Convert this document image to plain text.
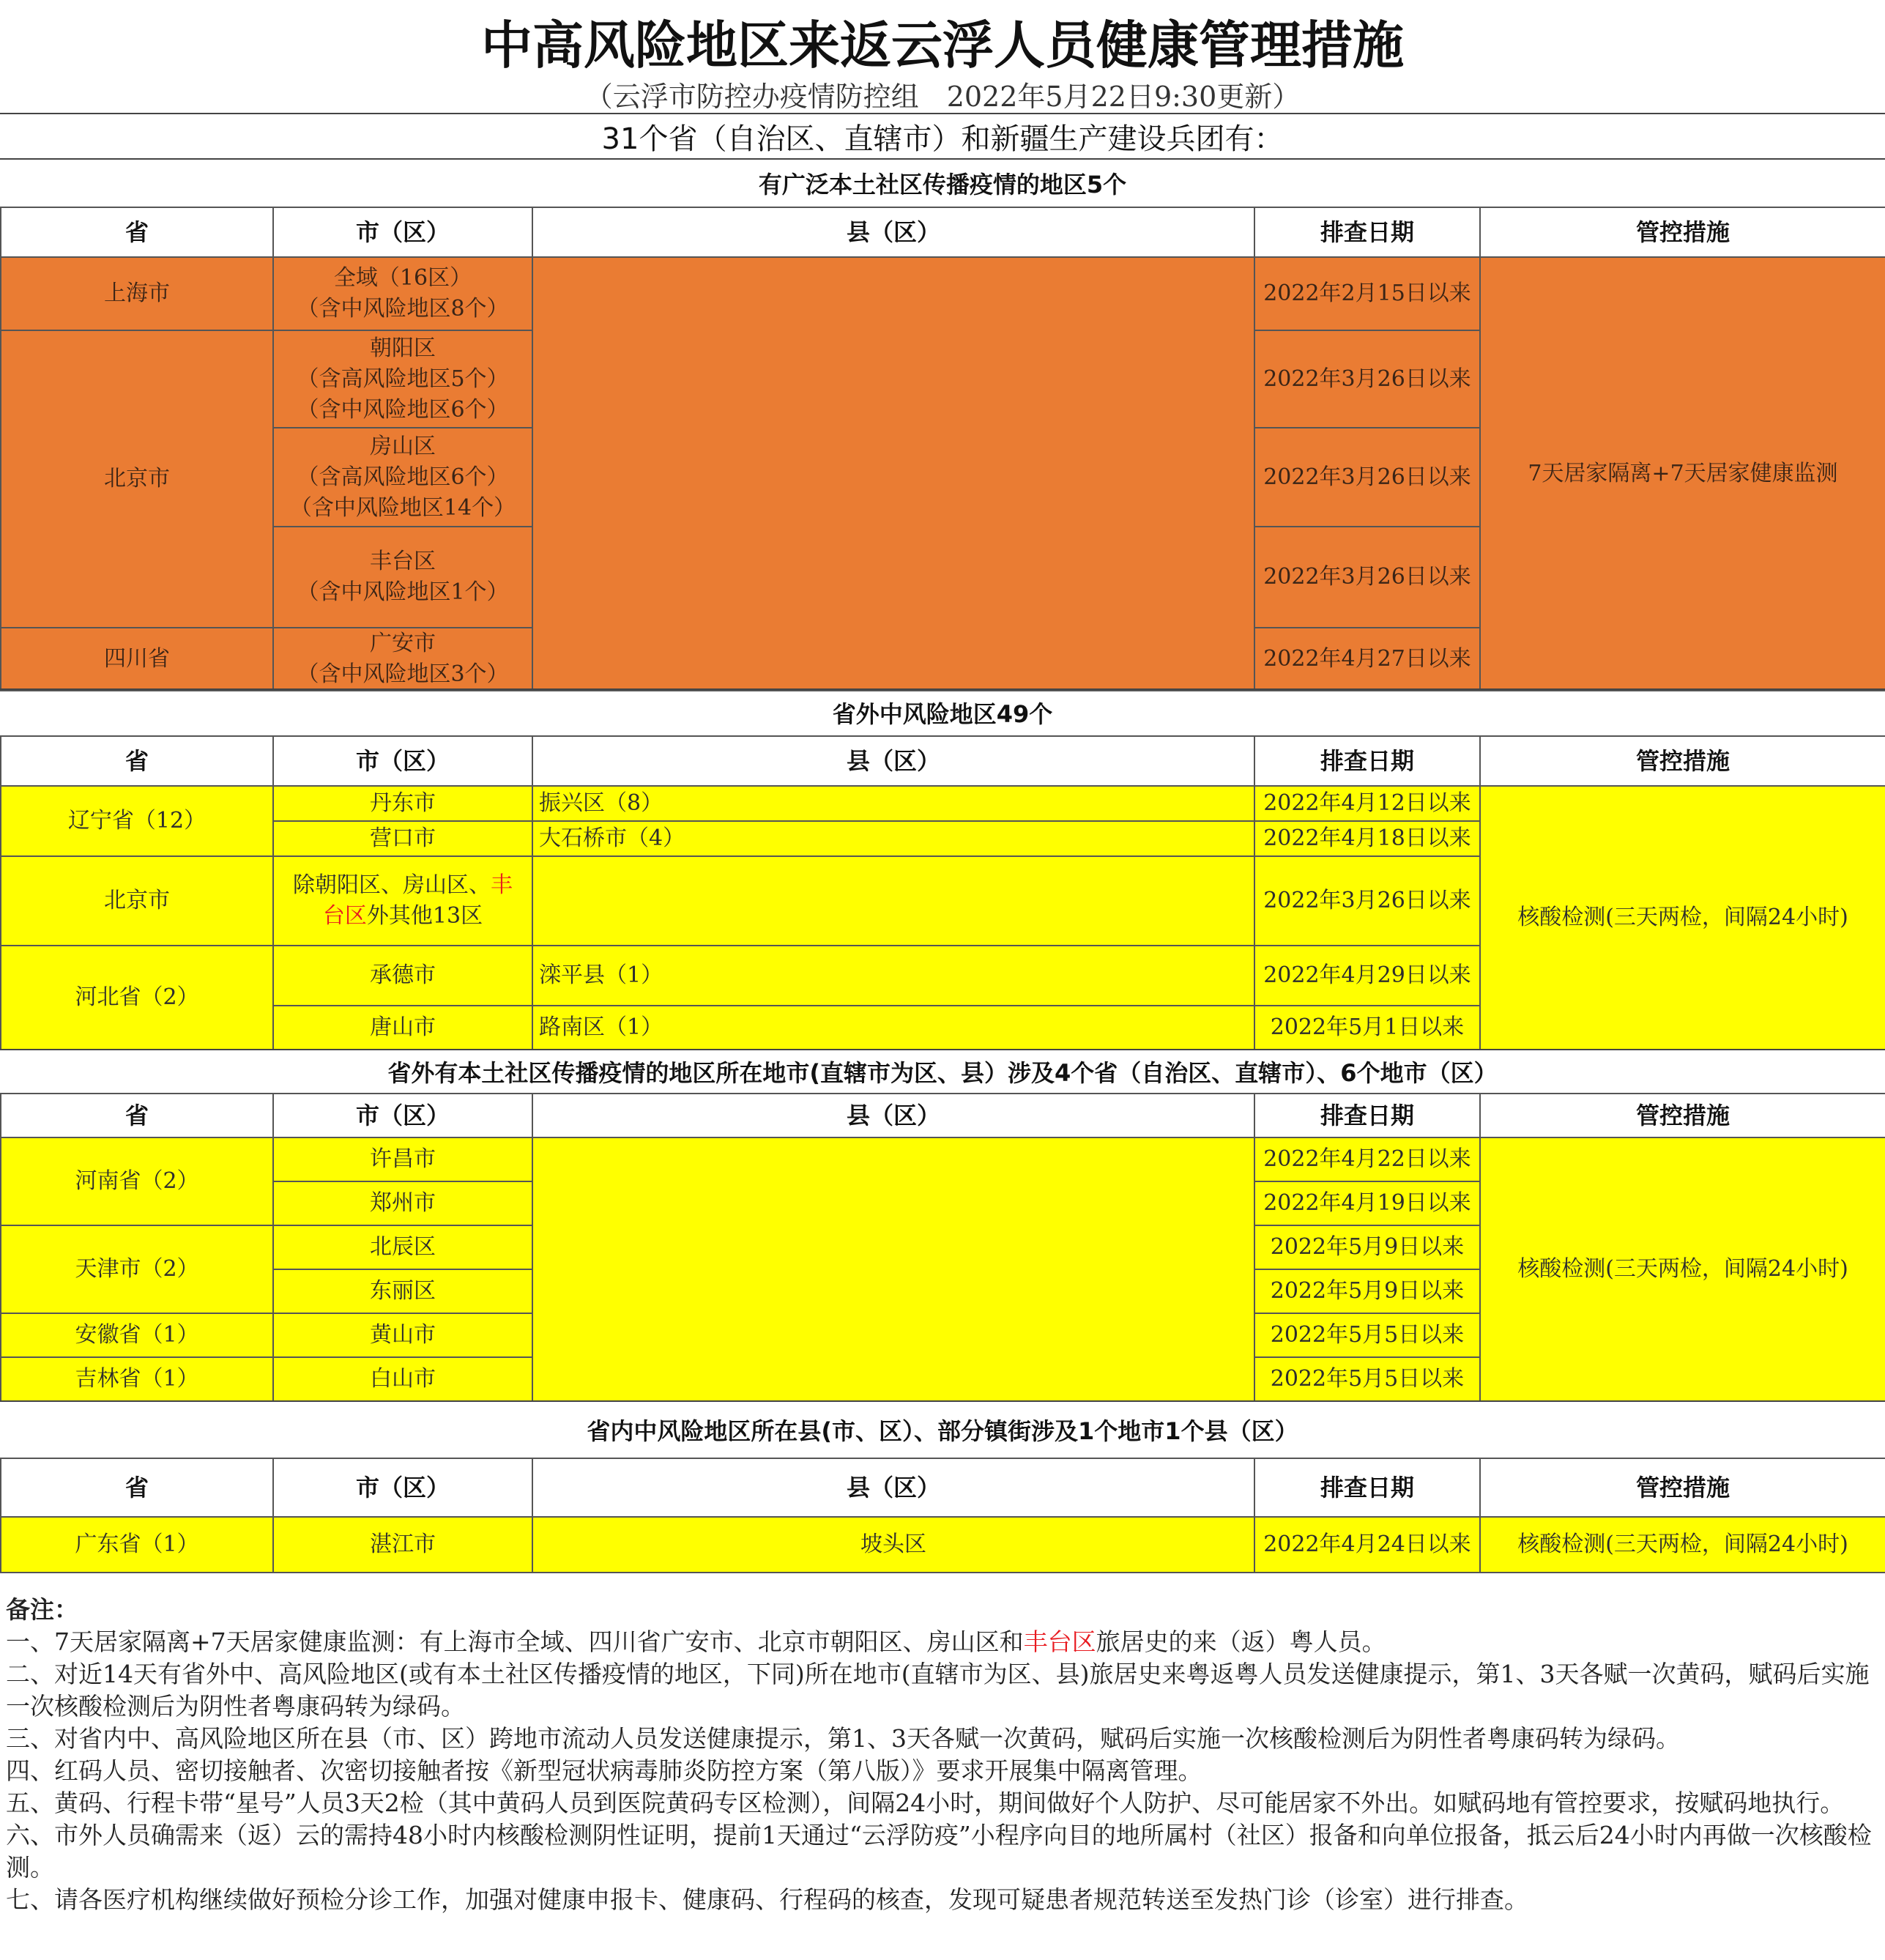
中高风险地区来返云浮人员健康管理措施
（云浮市防控办疫情防控组　2022年5月22日9:30更新）
31个省（自治区、直辖市）和新疆生产建设兵团有：
有广泛本土社区传播疫情的地区5个
省	市（区）	县（区）	排查日期	管控措施
上海市	全域（16区）
（含中风险地区8个）		2022年2月15日以来	7天居家隔离+7天居家健康监测
北京市	朝阳区
（含高风险地区5个）
（含中风险地区6个）		2022年3月26日以来	

	房山区
（含高风险地区6个）
（含中风险地区14个）		2022年3月26日以来	

	丰台区
（含中风险地区1个）		2022年3月26日以来	
四川省	广安市
（含中风险地区3个）		2022年4月27日以来	
省外中风险地区49个
省	市（区）	县（区）	排查日期	管控措施
辽宁省（12）	丹东市	振兴区（8）	2022年4月12日以来	核酸检测(三天两检，间隔24小时)
	营口市	大石桥市（4）	2022年4月18日以来	
北京市	除朝阳区、房山区、丰
台区外其他13区		2022年3月26日以来	
河北省（2）	承德市	滦平县（1）	2022年4月29日以来	
	唐山市	路南区（1）	2022年5月1日以来	
省外有本土社区传播疫情的地区所在地市(直辖市为区、县）涉及4个省（自治区、直辖市）、6个地市（区）
省	市（区）	县（区）	排查日期	管控措施
河南省（2）	许昌市		2022年4月22日以来	核酸检测(三天两检，间隔24小时)
	郑州市		2022年4月19日以来	
天津市（2）	北辰区		2022年5月9日以来	
	东丽区		2022年5月9日以来	
安徽省（1）	黄山市		2022年5月5日以来	
吉林省（1）	白山市		2022年5月5日以来	
省内中风险地区所在县(市、区）、部分镇街涉及1个地市1个县（区）
省	市（区）	县（区）	排查日期	管控措施
广东省（1）	湛江市	坡头区	2022年4月24日以来	核酸检测(三天两检，间隔24小时)
备注：
一、7天居家隔离+7天居家健康监测：有上海市全域、四川省广安市、北京市朝阳区、房山区和丰台区旅居史的来（返）粤人员。
二、对近14天有省外中、高风险地区(或有本土社区传播疫情的地区，下同)所在地市(直辖市为区、县)旅居史来粤返粤人员发送健康提示，第1、3天各赋一次黄码，赋码后实施一次核酸检测后为阴性者粤康码转为绿码。
三、对省内中、高风险地区所在县（市、区）跨地市流动人员发送健康提示，第1、3天各赋一次黄码，赋码后实施一次核酸检测后为阴性者粤康码转为绿码。
四、红码人员、密切接触者、次密切接触者按《新型冠状病毒肺炎防控方案（第八版）》要求开展集中隔离管理。
五、黄码、行程卡带“星号”人员3天2检（其中黄码人员到医院黄码专区检测），间隔24小时，期间做好个人防护、尽可能居家不外出。如赋码地有管控要求，按赋码地执行。
六、市外人员确需来（返）云的需持48小时内核酸检测阴性证明，提前1天通过“云浮防疫”小程序向目的地所属村（社区）报备和向单位报备，抵云后24小时内再做一次核酸检测。
七、请各医疗机构继续做好预检分诊工作，加强对健康申报卡、健康码、行程码的核查，发现可疑患者规范转送至发热门诊（诊室）进行排查。
